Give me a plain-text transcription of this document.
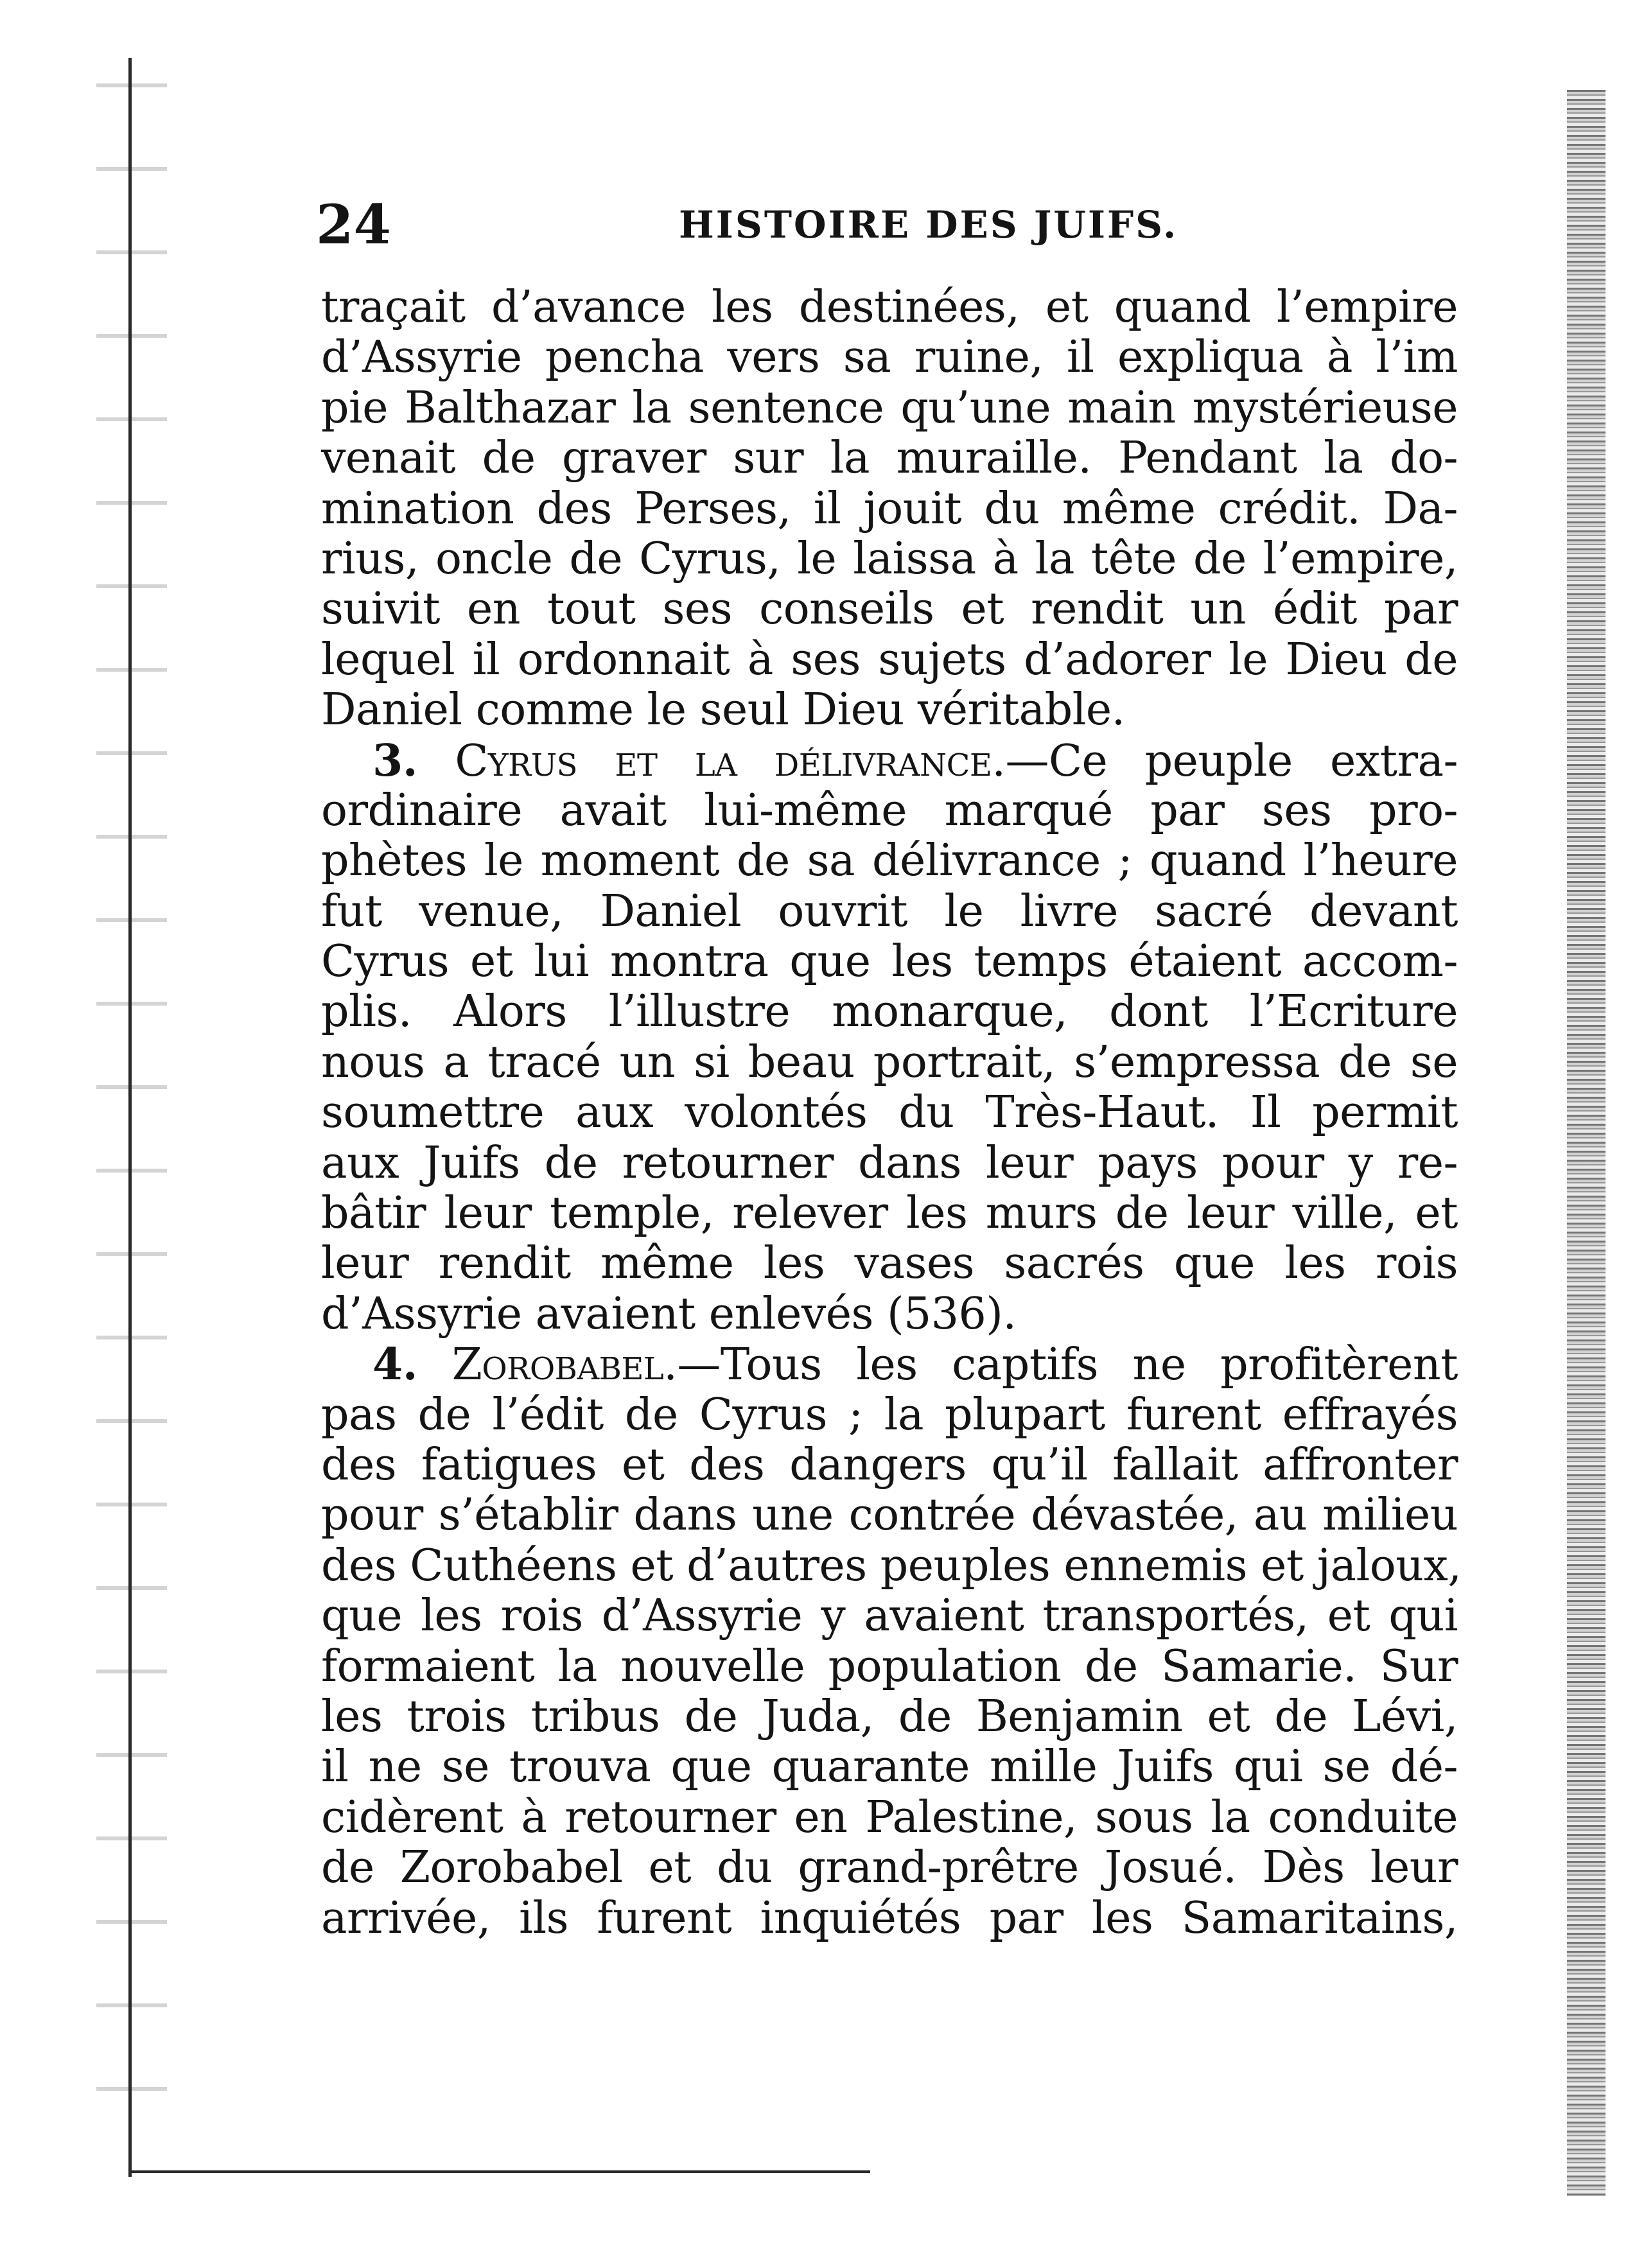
24	HISTOIRE DES JUIFS.
traçait d’avance les destinées, et quand l’empire
d’Assyrie pencha vers sa ruine, il expliqua à l’im
pie Balthazar la sentence qu’une main mystérieuse
venait de graver sur la muraille. Pendant la do-
mination des Perses, il jouit du même crédit. Da-
rius, oncle de Cyrus, le laissa à la tête de l’empire,
suivit en tout ses conseils et rendit un édit par
lequel il ordonnait à ses sujets d’adorer le Dieu de
Daniel comme le seul Dieu véritable.
3. Cyrus et la délivrance.—Ce peuple extra-
ordinaire avait lui-même marqué par ses pro-
phètes le moment de sa délivrance ; quand l’heure
fut venue, Daniel ouvrit le livre sacré devant
Cyrus et lui montra que les temps étaient accom-
plis. Alors l’illustre monarque, dont l’Ecriture
nous a tracé un si beau portrait, s’empressa de se
soumettre aux volontés du Très-Haut. Il permit
aux Juifs de retourner dans leur pays pour y re-
bâtir leur temple, relever les murs de leur ville, et
leur rendit même les vases sacrés que les rois
d’Assyrie avaient enlevés (536).
4. Zorobabel.—Tous les captifs ne profitèrent
pas de l’édit de Cyrus ; la plupart furent effrayés
des fatigues et des dangers qu’il fallait affronter
pour s’établir dans une contrée dévastée, au milieu
des Cuthéens et d’autres peuples ennemis et jaloux,
que les rois d’Assyrie y avaient transportés, et qui
formaient la nouvelle population de Samarie. Sur
les trois tribus de Juda, de Benjamin et de Lévi,
il ne se trouva que quarante mille Juifs qui se dé-
cidèrent à retourner en Palestine, sous la conduite
de Zorobabel et du grand-prêtre Josué. Dès leur
arrivée, ils furent inquiétés par les Samaritains,
